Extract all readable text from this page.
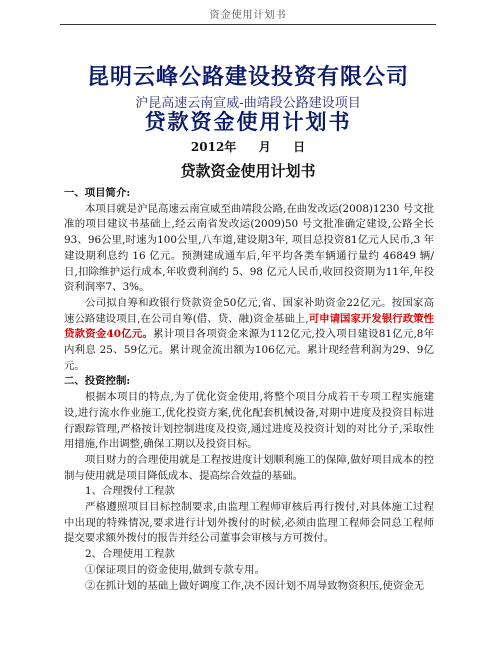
资金使用计划书
昆明云峰公路建设投资有限公司
沪昆高速云南宣威-曲靖段公路建设项目
贷款资金使用计划书
2012年 月 日
贷款资金使用计划书

一、项目简介:

本项目就是沪昆高速云南宣威至曲靖段公路,在曲发改运(2008)1230 号文批准的项目建议书基础上,经云南省发改运(2009)50 号文批准确定建设,公路全长93、96公里,时速为100公里,八车道,建设期3年, 项目总投资81亿元人民币,3 年建设期利息约 16 亿元。预测建成通车后,年平均各类车辆通行量约 46849 辆/日,扣除维护运行成本,年收费利润约 5、98 亿元人民币,收回投资期为11年,年投资利润率7、3%。

公司拟自筹和政银行贷款资金50亿元,省、国家补助资金22亿元。按国家高速公路建设项目,在公司自筹(借、贷、融)资金基础上,可申请国家开发银行政策性贷款资金40亿元。累计项目各项资金来源为112亿元,投入项目建设81亿元,8年内利息 25、59亿元。累计现金流出额为106亿元。累计现经营利润为29、9亿元。

二、投资控制:

根据本项目的特点,为了优化资金使用,将整个项目分成若干专项工程实施建设,进行流水作业施工,优化投资方案,优化配套机械设备,对期中进度及投资目标进行跟踪管理,严格按计划控制进度及投资,通过进度及投资计划的对比分子,采取性用措施,作出调整,确保工期以及投资目标。

项目财力的合理使用就是工程按进度计划顺利施工的保障,做好项目成本的控制与使用就是项目降低成本、提高综合效益的基础。

1、合理拨付工程款

严格遵照项目目标控制要求,由监理工程师审核后再行拨付,对具体施工过程中出现的特殊情况,要求进行计划外拨付的时候,必须由监理工程师会同总工程师提交要求额外拨付的报告并经公司董事会审核与方可拨付。

2、合理使用工程款

①保证项目的资金使用,做到专款专用。

②在抓计划的基础上做好调度工作,决不因计划不周导致物资积压,使资金无
